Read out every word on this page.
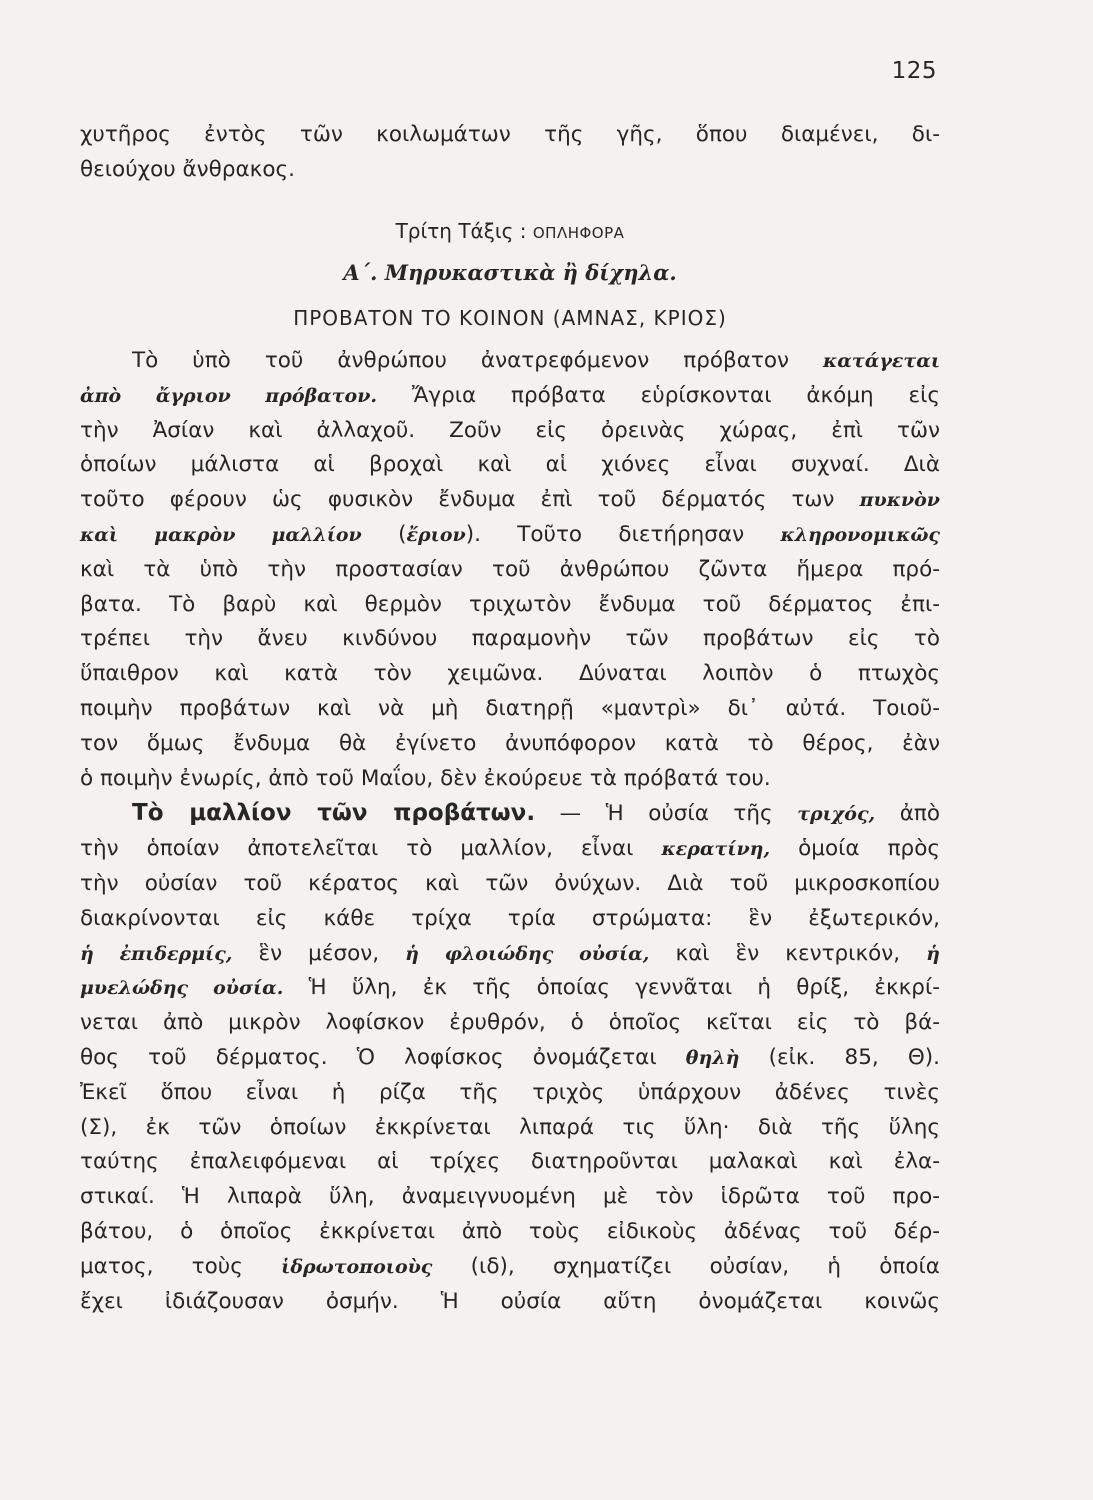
125
χυτῆρος ἐντὸς τῶν κοιλωμάτων τῆς γῆς, ὅπου διαμένει, δι-
θειούχου ἄνθρακος.
Τρίτη Τάξις : ΟΠΛΗΦΟΡΑ
Α΄. Μηρυκαστικὰ ἢ δίχηλα.
ΠΡΟΒΑΤΟΝ ΤΟ ΚΟΙΝΟΝ (ΑΜΝΑΣ, ΚΡΙΟΣ)
Τὸ ὑπὸ τοῦ ἀνθρώπου ἀνατρεφόμενον πρόβατον κατάγεται
ἀπὸ ἄγριον πρόβατον. Ἄγρια πρόβατα εὑρίσκονται ἀκόμη εἰς
τὴν Ἀσίαν καὶ ἀλλαχοῦ. Ζοῦν εἰς ὀρεινὰς χώρας, ἐπὶ τῶν
ὁποίων μάλιστα αἱ βροχαὶ καὶ αἱ χιόνες εἶναι συχναί. Διὰ
τοῦτο φέρουν ὡς φυσικὸν ἔνδυμα ἐπὶ τοῦ δέρματός των πυκνὸν
καὶ μακρὸν μαλλίον (ἔριον). Τοῦτο διετήρησαν κληρονομικῶς
καὶ τὰ ὑπὸ τὴν προστασίαν τοῦ ἀνθρώπου ζῶντα ἥμερα πρό-
βατα. Τὸ βαρὺ καὶ θερμὸν τριχωτὸν ἔνδυμα τοῦ δέρματος ἐπι-
τρέπει τὴν ἄνευ κινδύνου παραμονὴν τῶν προβάτων εἰς τὸ
ὕπαιθρον καὶ κατὰ τὸν χειμῶνα. Δύναται λοιπὸν ὁ πτωχὸς
ποιμὴν προβάτων καὶ νὰ μὴ διατηρῇ «μαντρὶ» δι᾿ αὐτά. Τοιοῦ-
τον ὅμως ἔνδυμα θὰ ἐγίνετο ἀνυπόφορον κατὰ τὸ θέρος, ἐὰν
ὁ ποιμὴν ἐνωρίς, ἀπὸ τοῦ Μαΐου, δὲν ἐκούρευε τὰ πρόβατά του.
Τὸ μαλλίον τῶν προβάτων. — Ἡ οὐσία τῆς τριχός, ἀπὸ
τὴν ὁποίαν ἀποτελεῖται τὸ μαλλίον, εἶναι κερατίνη, ὁμοία πρὸς
τὴν οὐσίαν τοῦ κέρατος καὶ τῶν ὀνύχων. Διὰ τοῦ μικροσκοπίου
διακρίνονται εἰς κάθε τρίχα τρία στρώματα: ἓν ἐξωτερικόν,
ἡ ἐπιδερμίς, ἓν μέσον, ἡ φλοιώδης οὐσία, καὶ ἓν κεντρικόν, ἡ
μυελώδης οὐσία. Ἡ ὕλη, ἐκ τῆς ὁποίας γεννᾶται ἡ θρίξ, ἐκκρί-
νεται ἀπὸ μικρὸν λοφίσκον ἐρυθρόν, ὁ ὁποῖος κεῖται εἰς τὸ βά-
θος τοῦ δέρματος. Ὁ λοφίσκος ὀνομάζεται θηλὴ (εἰκ. 85, Θ).
Ἐκεῖ ὅπου εἶναι ἡ ρίζα τῆς τριχὸς ὑπάρχουν ἀδένες τινὲς
(Σ), ἐκ τῶν ὁποίων ἐκκρίνεται λιπαρά τις ὕλη· διὰ τῆς ὕλης
ταύτης ἐπαλειφόμεναι αἱ τρίχες διατηροῦνται μαλακαὶ καὶ ἐλα-
στικαί. Ἡ λιπαρὰ ὕλη, ἀναμειγνυομένη μὲ τὸν ἱδρῶτα τοῦ προ-
βάτου, ὁ ὁποῖος ἐκκρίνεται ἀπὸ τοὺς εἰδικοὺς ἀδένας τοῦ δέρ-
ματος, τοὺς ἱδρωτοποιοὺς (ιδ), σχηματίζει οὐσίαν, ἡ ὁποία
ἔχει ἰδιάζουσαν ὀσμήν. Ἡ οὐσία αὕτη ὀνομάζεται κοινῶς
